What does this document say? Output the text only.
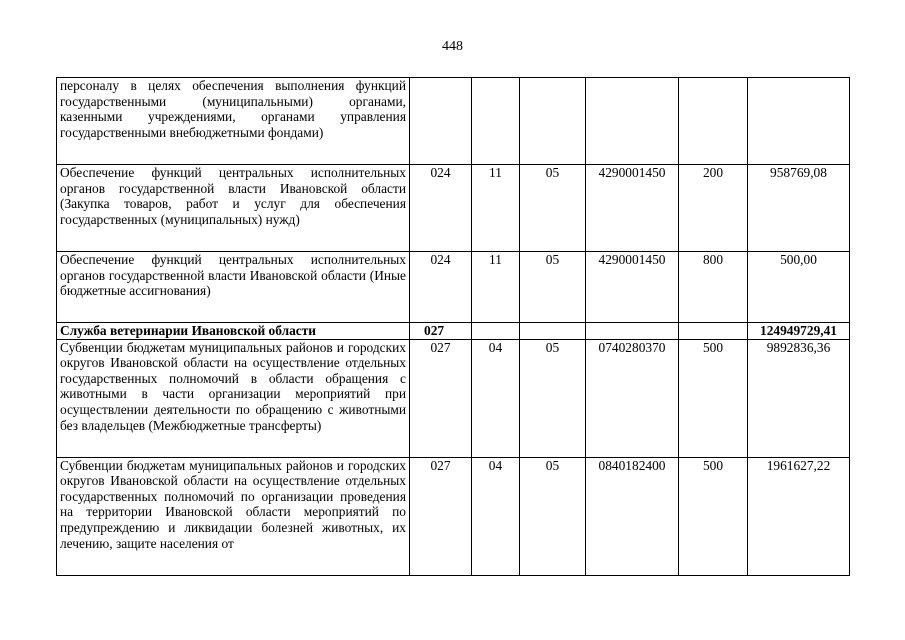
448
персоналу в целях обеспечения выполнения функций государственными (муниципальными) органами, казенными учреждениями, органами управления государственными внебюджетными фондами)						
Обеспечение функций центральных исполнительных органов государственной власти Ивановской области (Закупка товаров, работ и услуг для обеспечения государственных (муниципальных) нужд)	024	11	05	4290001450	200	958769,08
Обеспечение функций центральных исполнительных органов государственной власти Ивановской области (Иные бюджетные ассигнования)	024	11	05	4290001450	800	500,00
Служба ветеринарии Ивановской области	027					124949729,41
Субвенции бюджетам муниципальных районов и городских округов Ивановской области на осуществление отдельных государственных полномочий в области обращения с животными в части организации мероприятий при осуществлении деятельности по обращению с животными без владельцев (Межбюджетные трансферты)	027	04	05	0740280370	500	9892836,36
Субвенции бюджетам муниципальных районов и городских округов Ивановской области на осуществление отдельных государственных полномочий по организации проведения на территории Ивановской области мероприятий по предупреждению и ликвидации болезней животных, их лечению, защите населения от	027	04	05	0840182400	500	1961627,22
